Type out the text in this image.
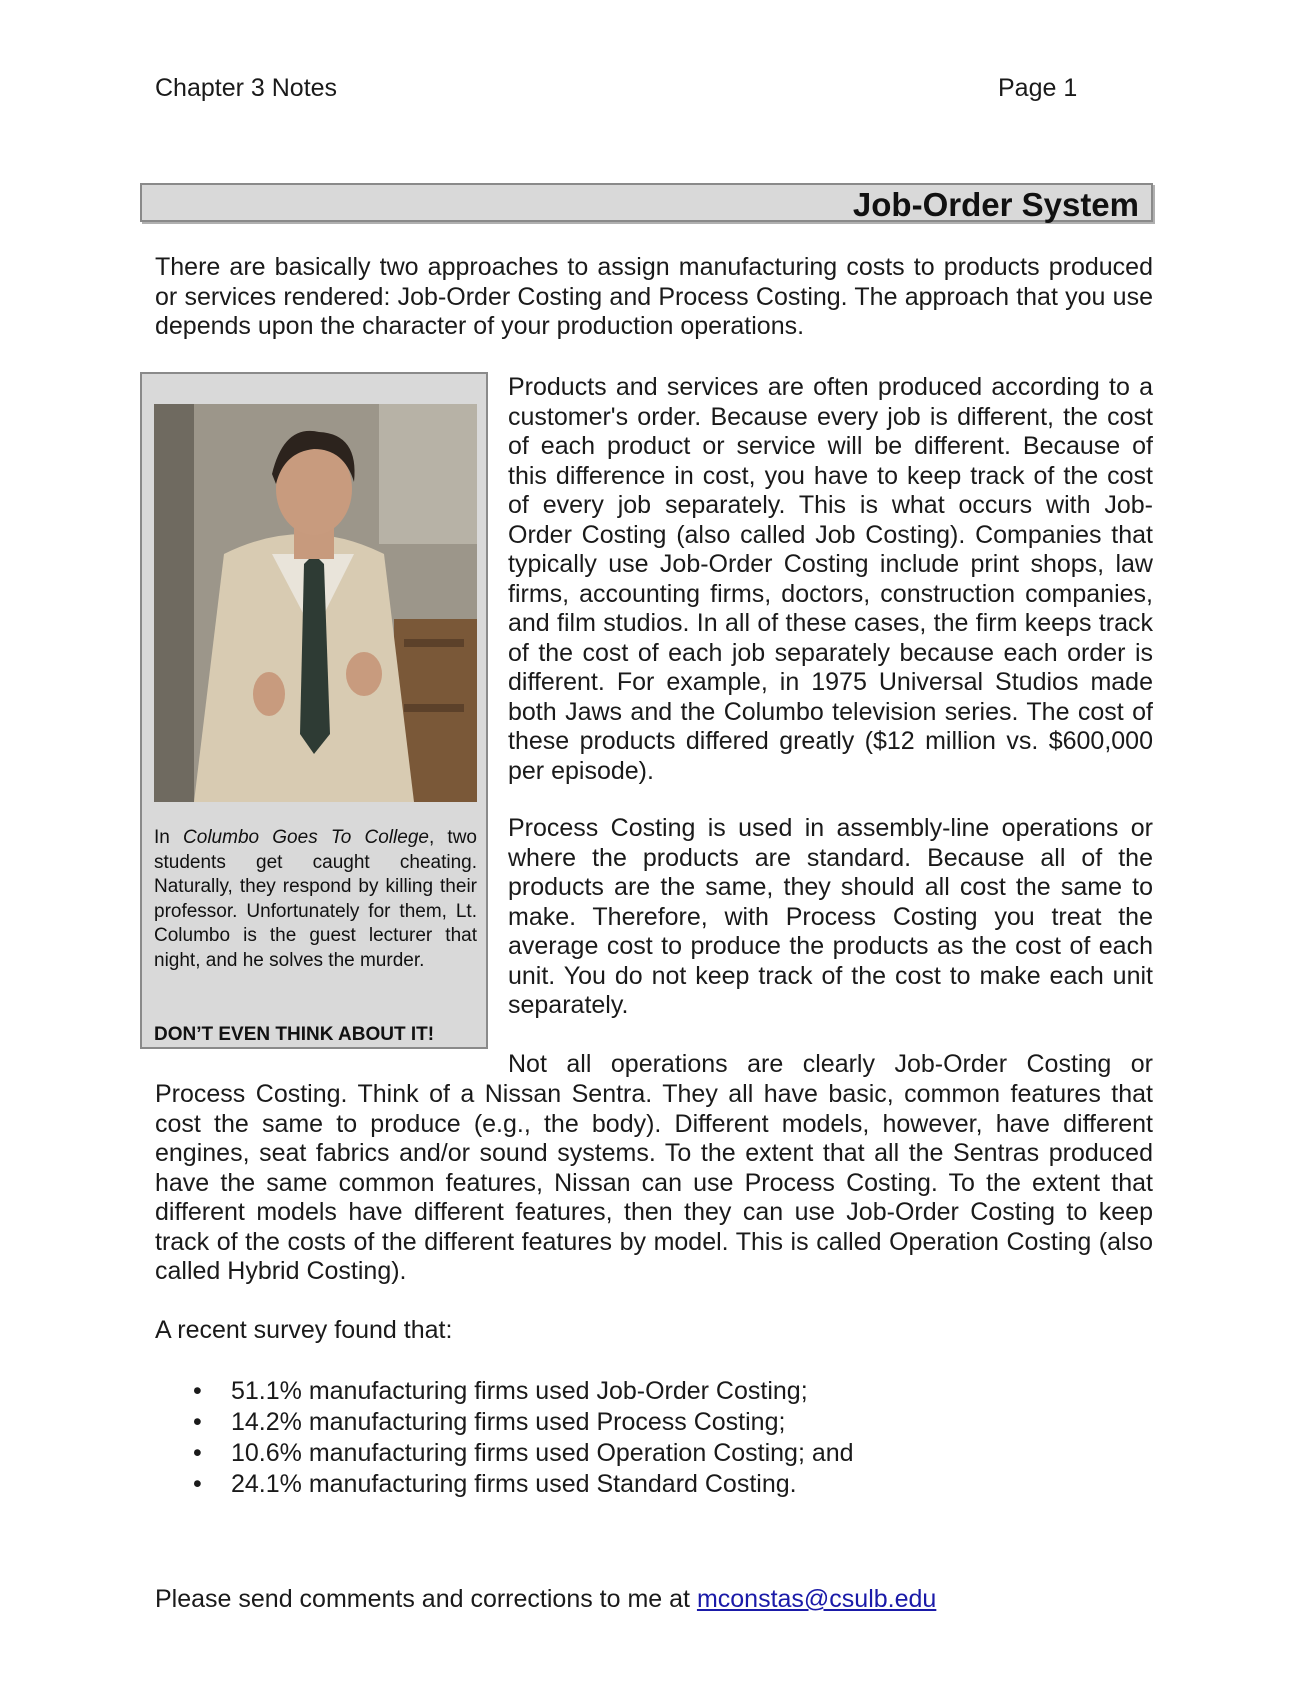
Chapter 3 Notes	Page 1
Job-Order System
There are basically two approaches to assign manufacturing costs to products produced or services rendered: Job-Order Costing and Process Costing. The approach that you use depends upon the character of your production operations.
In Columbo Goes To College, two students get caught cheating. Naturally, they respond by killing their professor. Unfortunately for them, Lt. Columbo is the guest lecturer that night, and he solves the murder.
DON’T EVEN THINK ABOUT IT!
Products and services are often produced according to a customer's order. Because every job is different, the cost of each product or service will be different. Because of this difference in cost, you have to keep track of the cost of every job separately. This is what occurs with Job-Order Costing (also called Job Costing). Companies that typically use Job-Order Costing include print shops, law firms, accounting firms, doctors, construction companies, and film studios. In all of these cases, the firm keeps track of the cost of each job separately because each order is different. For example, in 1975 Universal Studios made both Jaws and the Columbo television series. The cost of these products differed greatly ($12 million vs. $600,000 per episode).
Process Costing is used in assembly-line operations or where the products are standard. Because all of the products are the same, they should all cost the same to make. Therefore, with Process Costing you treat the average cost to produce the products as the cost of each unit. You do not keep track of the cost to make each unit separately.
Not all operations are clearly Job-Order Costing or
Process Costing. Think of a Nissan Sentra. They all have basic, common features that cost the same to produce (e.g., the body). Different models, however, have different engines, seat fabrics and/or sound systems. To the extent that all the Sentras produced have the same common features, Nissan can use Process Costing. To the extent that different models have different features, then they can use Job-Order Costing to keep track of the costs of the different features by model. This is called Operation Costing (also called Hybrid Costing).
A recent survey found that:
• 51.1% manufacturing firms used Job-Order Costing;
• 14.2% manufacturing firms used Process Costing;
• 10.6% manufacturing firms used Operation Costing; and
• 24.1% manufacturing firms used Standard Costing.
Please send comments and corrections to me at mconstas@csulb.edu
